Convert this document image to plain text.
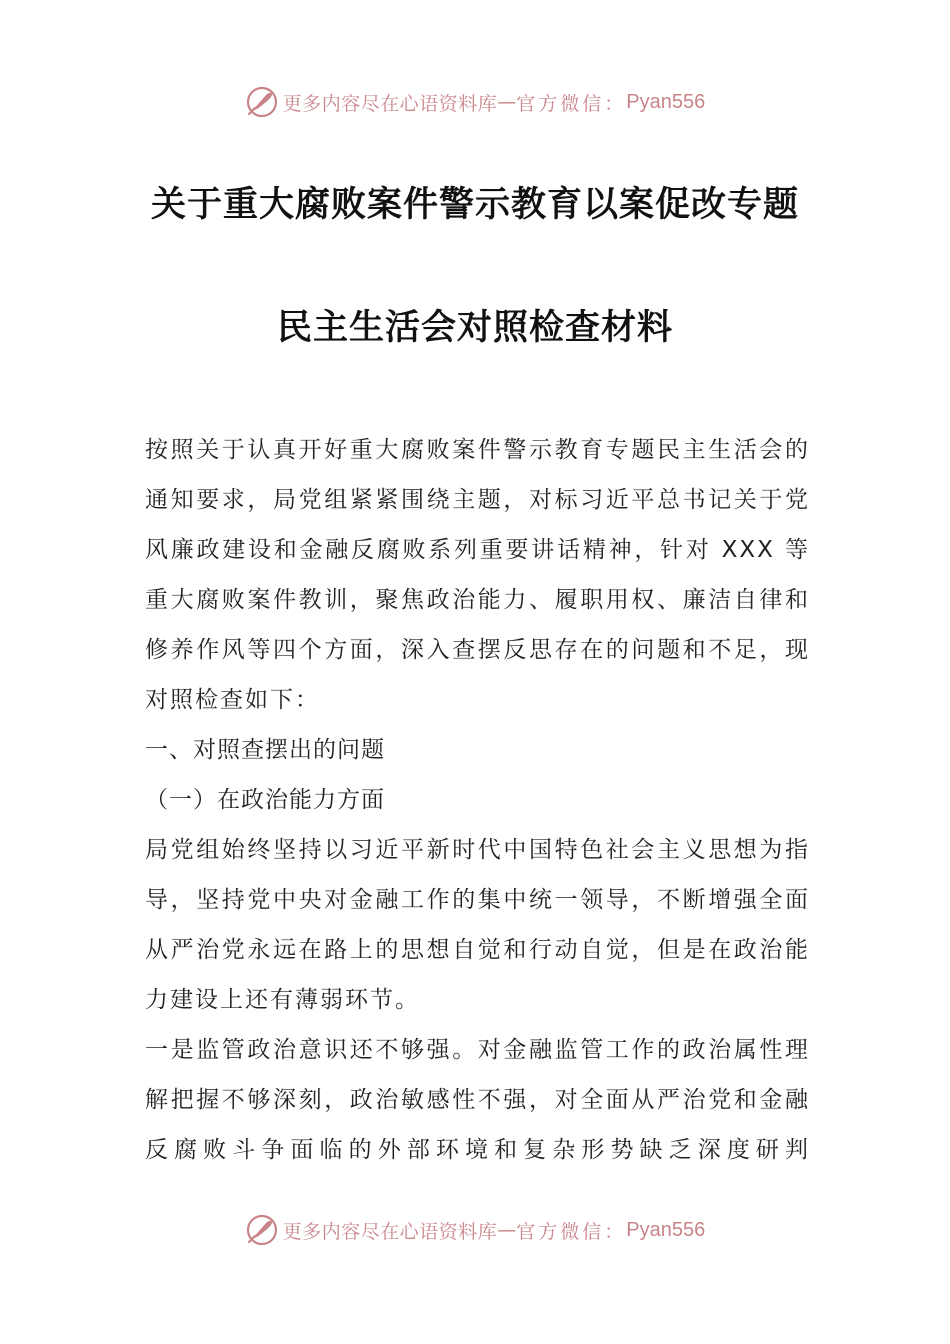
更多内容尽在心语资料库 — 官方微信： Pyan556
关于重大腐败案件警示教育以案促改专题
民主生活会对照检查材料

按照关于认真开好重大腐败案件警示教育专题民主生活会的通知要求，局党组紧紧围绕主题，对标习近平总书记关于党风廉政建设和金融反腐败系列重要讲话精神，针对 XXX 等重大腐败案件教训，聚焦政治能力、履职用权、廉洁自律和修养作风等四个方面，深入查摆反思存在的问题和不足，现对照检查如下：

一、对照查摆出的问题

（一）在政治能力方面

局党组始终坚持以习近平新时代中国特色社会主义思想为指导，坚持党中央对金融工作的集中统一领导，不断增强全面从严治党永远在路上的思想自觉和行动自觉，但是在政治能力建设上还有薄弱环节。

一是监管政治意识还不够强。对金融监管工作的政治属性理解把握不够深刻，政治敏感性不强，对全面从严治党和金融反腐败斗争面临的外部环境和复杂形势缺乏深度研判

更多内容尽在心语资料库 — 官方微信： Pyan556
